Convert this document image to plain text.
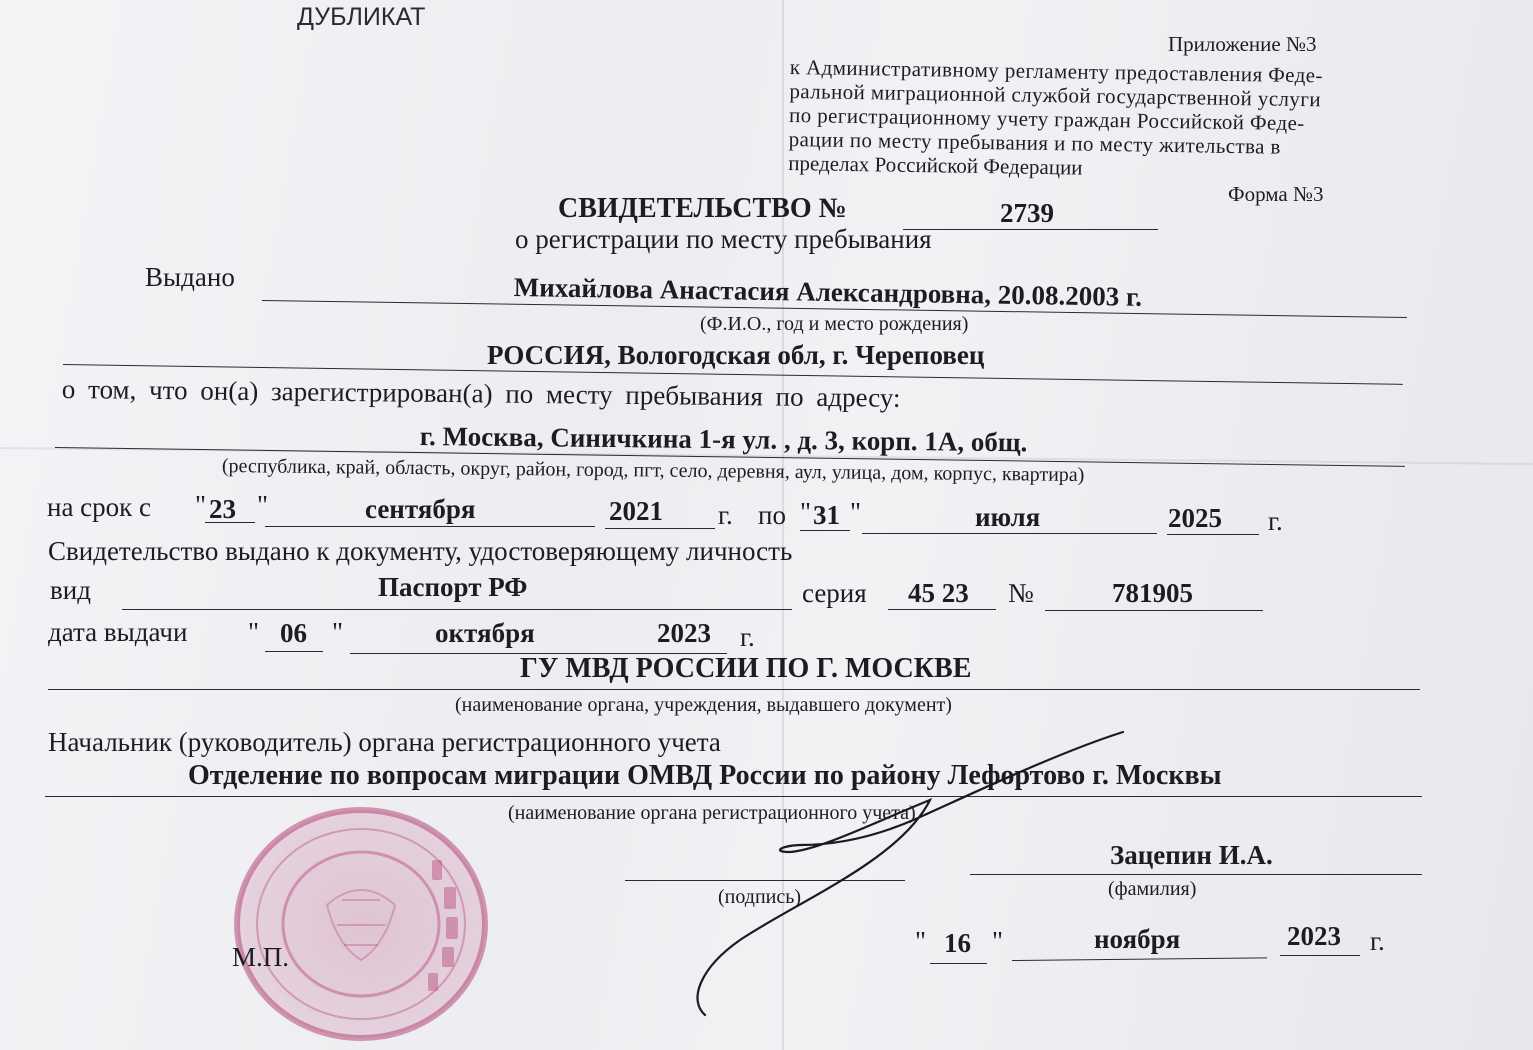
ДУБЛИКАТ
Приложение №3

к Административному регламенту предоставления Феде-

ральной миграционной службой государственной услуги

по регистрационному учету граждан Российской Феде-

рации по месту пребывания и по месту жительства в

пределах Российской Федерации

Форма №3
СВИДЕТЕЛЬСТВО №	2739
о регистрации по месту пребывания
Выдано	Михайлова Анастасия Александровна, 20.08.2003 г.
(Ф.И.О., год и место рождения)
РОССИЯ, Вологодская обл, г. Череповец
о том, что он(а) зарегистрирован(а) по месту пребывания по адресу:
г. Москва, Синичкина 1-я ул. , д. 3, корп. 1А, общ.
(республика, край, область, округ, район, город, пгт, село, деревня, аул, улица, дом, корпус, квартира)
на срок с " 23 "	сентября	2021 г. по " 31 "	июля	2025 г.
Свидетельство выдано к документу, удостоверяющему личность
вид	Паспорт РФ	серия 45 23 №	781905
дата выдачи " 06 "	октября	2023 г.
ГУ МВД РОССИИ ПО Г. МОСКВЕ
(наименование органа, учреждения, выдавшего документ)
Начальник (руководитель) органа регистрационного учета
Отделение по вопросам миграции ОМВД России по району Лефортово г. Москвы
(наименование органа регистрационного учета)
(подпись)
Зацепин И.А.
(фамилия)
М.П.
" 16 "	ноября	2023 г.
